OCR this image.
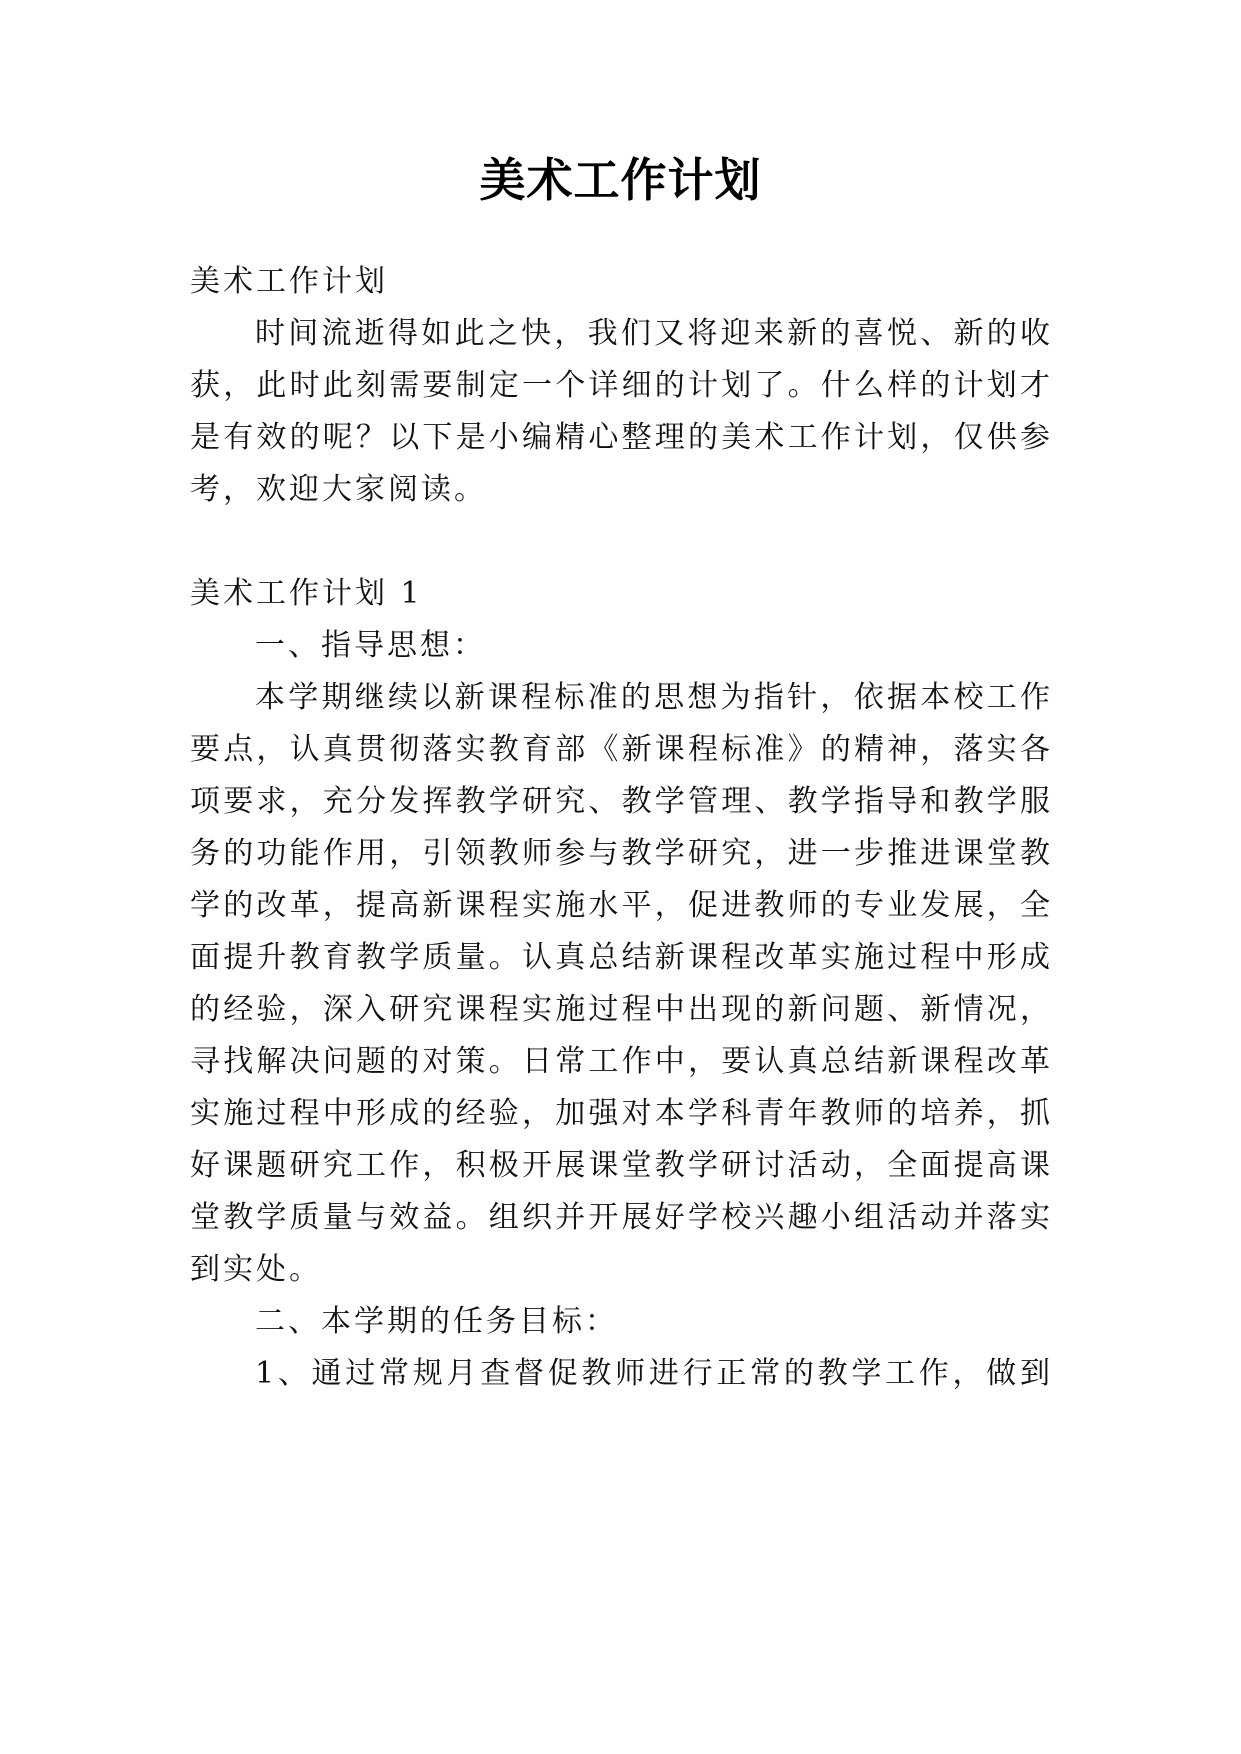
美术工作计划
美术工作计划
时间流逝得如此之快，我们又将迎来新的喜悦、新的收
获，此时此刻需要制定一个详细的计划了。什么样的计划才
是有效的呢？以下是小编精心整理的美术工作计划，仅供参
考，欢迎大家阅读。
美术工作计划 1
一、指导思想：
本学期继续以新课程标准的思想为指针，依据本校工作
要点，认真贯彻落实教育部《新课程标准》的精神，落实各
项要求，充分发挥教学研究、教学管理、教学指导和教学服
务的功能作用，引领教师参与教学研究，进一步推进课堂教
学的改革，提高新课程实施水平，促进教师的专业发展，全
面提升教育教学质量。认真总结新课程改革实施过程中形成
的经验，深入研究课程实施过程中出现的新问题、新情况，
寻找解决问题的对策。日常工作中，要认真总结新课程改革
实施过程中形成的经验，加强对本学科青年教师的培养，抓
好课题研究工作，积极开展课堂教学研讨活动，全面提高课
堂教学质量与效益。组织并开展好学校兴趣小组活动并落实
到实处。
二、本学期的任务目标：
1、通过常规月查督促教师进行正常的教学工作，做到
